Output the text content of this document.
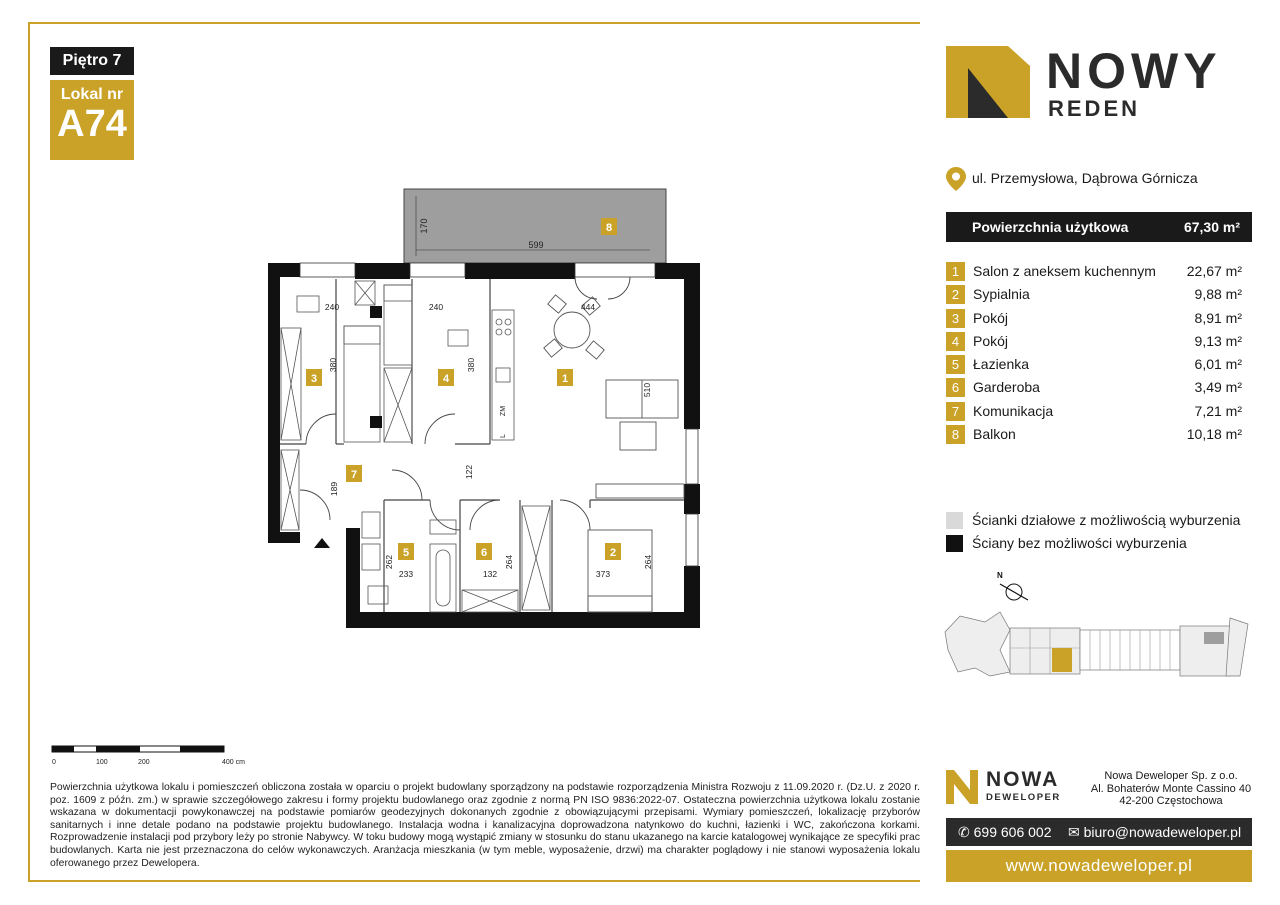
Piętro 7
Lokal nr
A74
599
170
ZM
L
240
380
240
380
444
510
122
189
262
233	132
264
373
264
1
2
3	4
5	6
7
8
0	100	200	400 cm
Powierzchnia użytkowa lokalu i pomieszczeń obliczona została w oparciu o projekt budowlany sporządzony na podstawie rozporządzenia Ministra Rozwoju z 11.09.2020 r. (Dz.U. z 2020 r. poz. 1609 z późn. zm.) w sprawie szczegółowego zakresu i formy projektu budowlanego oraz zgodnie z normą PN ISO 9836:2022-07. Ostateczna powierzchnia użytkowa lokalu zostanie wskazana w dokumentacji powykonawczej na podstawie pomiarów geodezyjnych dokonanych zgodnie z obowiązującymi przepisami. Wymiary pomieszczeń, lokalizację przyborów sanitarnych i inne detale podano na podstawie projektu budowlanego. Instalacja wodna i kanalizacyjna doprowadzona natynkowo do kuchni, łazienki i WC, zakończona korkami. Rozprowadzenie instalacji pod przybory leży po stronie Nabywcy. W toku budowy mogą wystąpić zmiany w stosunku do stanu ukazanego na karcie katalogowej wynikające ze specyfiki prac budowlanych. Karta nie jest przeznaczona do celów wykonawczych. Aranżacja mieszkania (w tym meble, wyposażenie, drzwi) ma charakter poglądowy i nie stanowi wyposażenia lokalu oferowanego przez Dewelopera.
NOWY
REDEN
ul. Przemysłowa, Dąbrowa Górnicza
Powierzchnia użytkowa	67,30 m²
1 Salon z aneksem kuchennym 22,67 m²
2 Sypialnia	9,88 m²
3 Pokój	8,91 m²
4 Pokój	9,13 m²
5 Łazienka	6,01 m²
6 Garderoba	3,49 m²
7 Komunikacja	7,21 m²
8 Balkon	10,18 m²
Ścianki działowe z możliwością wyburzenia
Ściany bez możliwości wyburzenia
N
NOWA
DEWELOPER
Nowa Deweloper Sp. z o.o.
Al. Bohaterów Monte Cassino 40
42-200 Częstochowa
✆ 699 606 002 ✉ biuro@nowadeweloper.pl
www.nowadeweloper.pl
